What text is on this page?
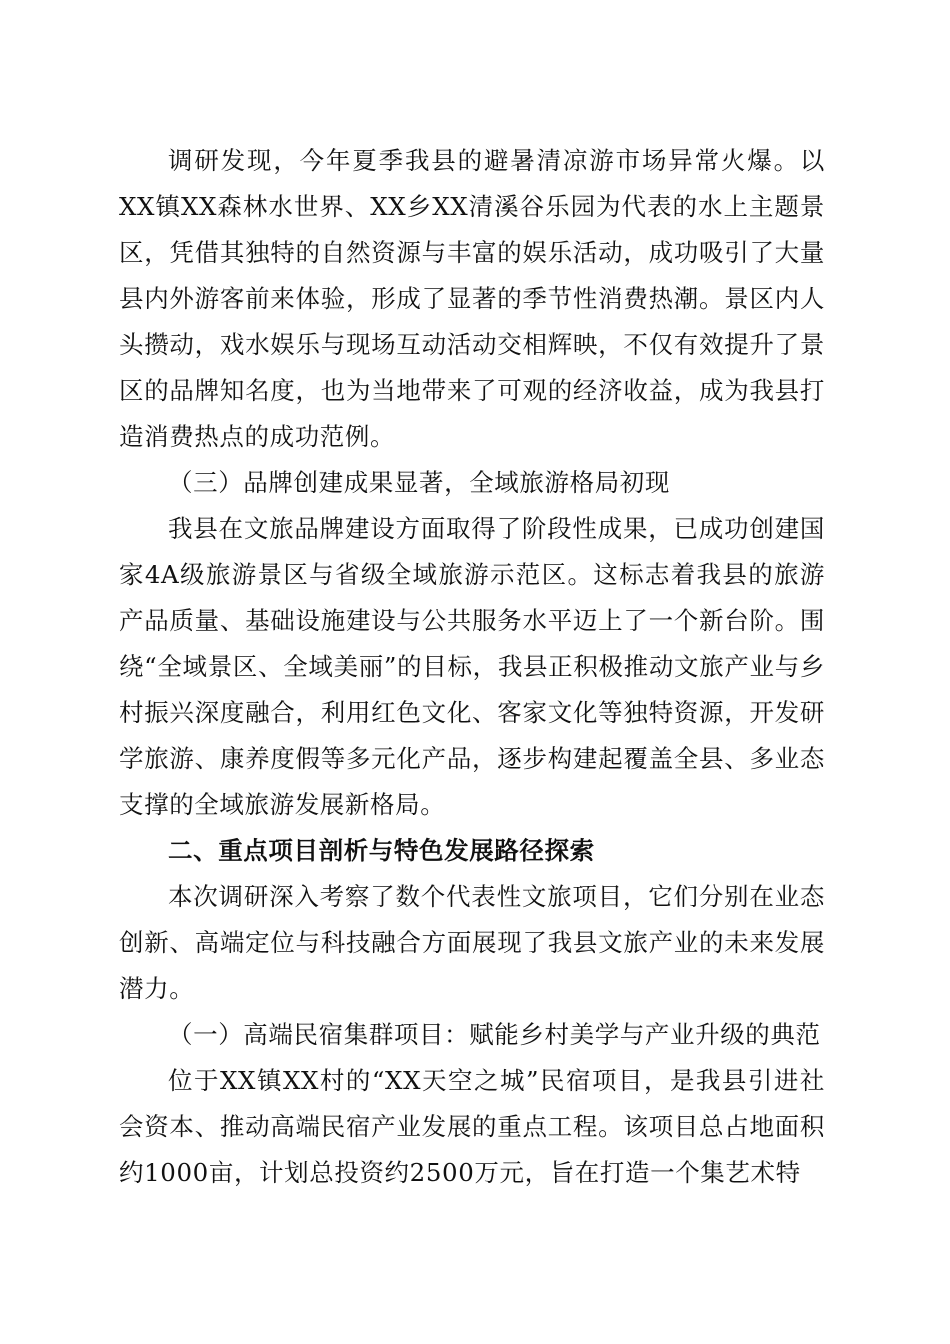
调研发现，今年夏季我县的避暑清凉游市场异常火爆。以XX镇XX森林水世界、XX乡XX清溪谷乐园为代表的水上主题景区，凭借其独特的自然资源与丰富的娱乐活动，成功吸引了大量县内外游客前来体验，形成了显著的季节性消费热潮。景区内人头攒动，戏水娱乐与现场互动活动交相辉映，不仅有效提升了景区的品牌知名度，也为当地带来了可观的经济收益，成为我县打造消费热点的成功范例。

（三）品牌创建成果显著，全域旅游格局初现

我县在文旅品牌建设方面取得了阶段性成果，已成功创建国家4A级旅游景区与省级全域旅游示范区。这标志着我县的旅游产品质量、基础设施建设与公共服务水平迈上了一个新台阶。围绕“全域景区、全域美丽”的目标，我县正积极推动文旅产业与乡村振兴深度融合，利用红色文化、客家文化等独特资源，开发研学旅游、康养度假等多元化产品，逐步构建起覆盖全县、多业态支撑的全域旅游发展新格局。

二、重点项目剖析与特色发展路径探索

本次调研深入考察了数个代表性文旅项目，它们分别在业态创新、高端定位与科技融合方面展现了我县文旅产业的未来发展潜力。

（一）高端民宿集群项目：赋能乡村美学与产业升级的典范

位于XX镇XX村的“XX天空之城”民宿项目，是我县引进社会资本、推动高端民宿产业发展的重点工程。该项目总占地面积约1000亩，计划总投资约2500万元，旨在打造一个集艺术特
